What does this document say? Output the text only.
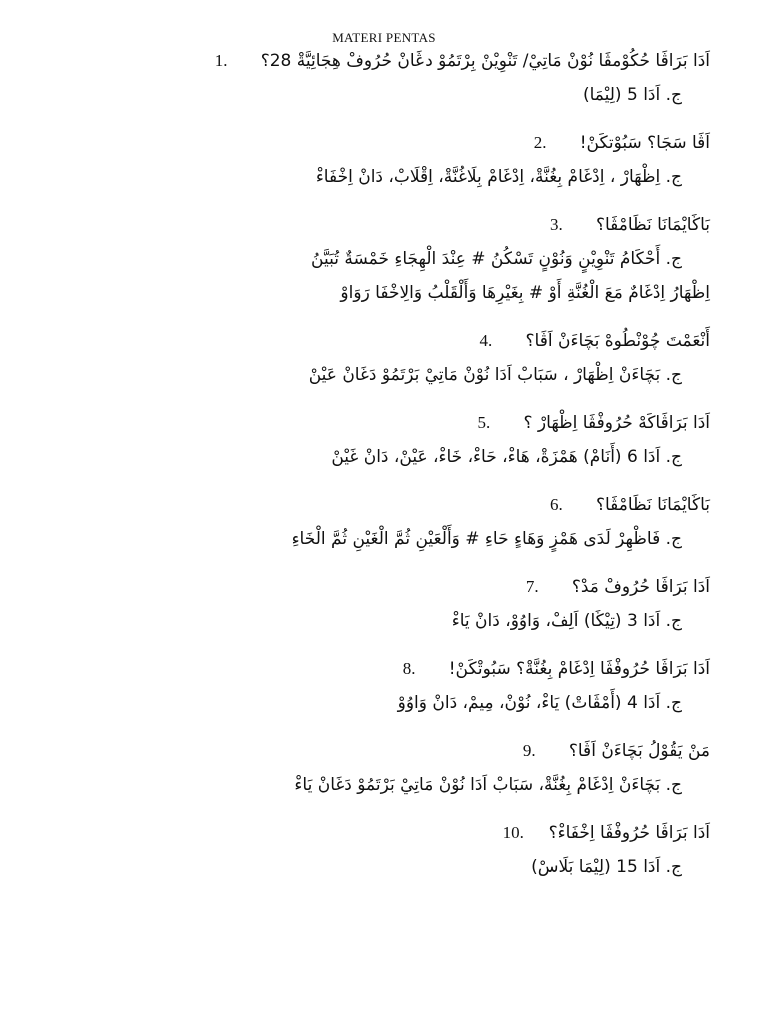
MATERI PENTAS
اَدَا بَرَاڤَا حُكُوْمڤَا نُوْنْ مَاتِيْ/ تَنْوِيْنْ بِرْتَمُوْ دڠَانْ حُرُوفْ هِجَائِيَّةْ 28؟1.
ج. اَدَا 5 (لِيْمَا)
اَڤَا سَجَا؟ سَبُوْتكَنْ!2.
ج. اِظْهَارْ ، اِدْغَامْ بِغُنَّةْ، اِدْغَامْ بِلَاغُنَّةْ، اِقْلَابْ، دَانْ اِخْفَاءْ
بَاڬَايْمَانَا نَظَامْڤَا؟3.
ج. أَحْكَامُ تَنْوِيْنٍ وَنُوْنٍ تَسْكُنُ # عِنْدَ الْهِجَاءِ خَمْسَةٌ تُبَيَّنُ
اِظْهَارُ اِدْغَامٌ مَعَ الْغُنَّةِ أَوْ # بِغَيْرِهَا وَأَلْقَلْبُ وَالِاخْفَا رَوَاوْ
أَنْعَمْتَ چُوْنْطُوهْ بَچَاءَنْ اَڤَا؟4.
ج. بَچَاءَنْ اِظْهَارْ ، سَبَابْ اَدَا نُوْنْ مَاتِيْ بَرْتَمُوْ دَغَانْ عَيْنْ
اَدَا بَرَاڤَاكَهْ حُرُوفْڤَا اِظْهَارْ ؟5.
ج. اَدَا 6 (أَنَامْ) هَمْزَةْ، هَاءْ، حَاءْ، خَاءْ، عَيْنْ، دَانْ غَيْنْ
بَاڬَايْمَانَا نَظَامْڤَا؟6.
ج. فَاظْهِرْ لَدَى هَمْزٍ وَهَاءٍ حَاءِ # وَأَلْعَيْنِ ثُمَّ الْغَيْنِ ثُمَّ الْخَاءِ
اَدَا بَرَاڤَا حُرُوفْ مَدْ؟7.
ج. اَدَا 3 (تِيْڬَا) اَلِفْ، وَاوُوْ، دَانْ يَاءْ
اَدَا بَرَاڤَا حُرُوفْڤَا اِدْغَامْ بِغُنَّةْ؟ سَبُوتْكَنْ!8.
ج. اَدَا 4 (أَمْڤَاتْ) يَاءْ، نُوْنْ، مِيمْ، دَانْ وَاوُوْ
مَنْ يَقُوْلُ بَچَاءَنْ اَڤَا؟9.
ج. بَچَاءَنْ اِدْغَامْ بِغُنَّةْ، سَبَابْ اَدَا نُوْنْ مَاتِيْ بَرْتَمُوْ دَغَانْ يَاءْ
اَدَا بَرَاڤَا حُرُوفْڤَا اِخْفَاءْ؟10.
ج. اَدَا 15 (لِيْمَا بَلَاسْ)
